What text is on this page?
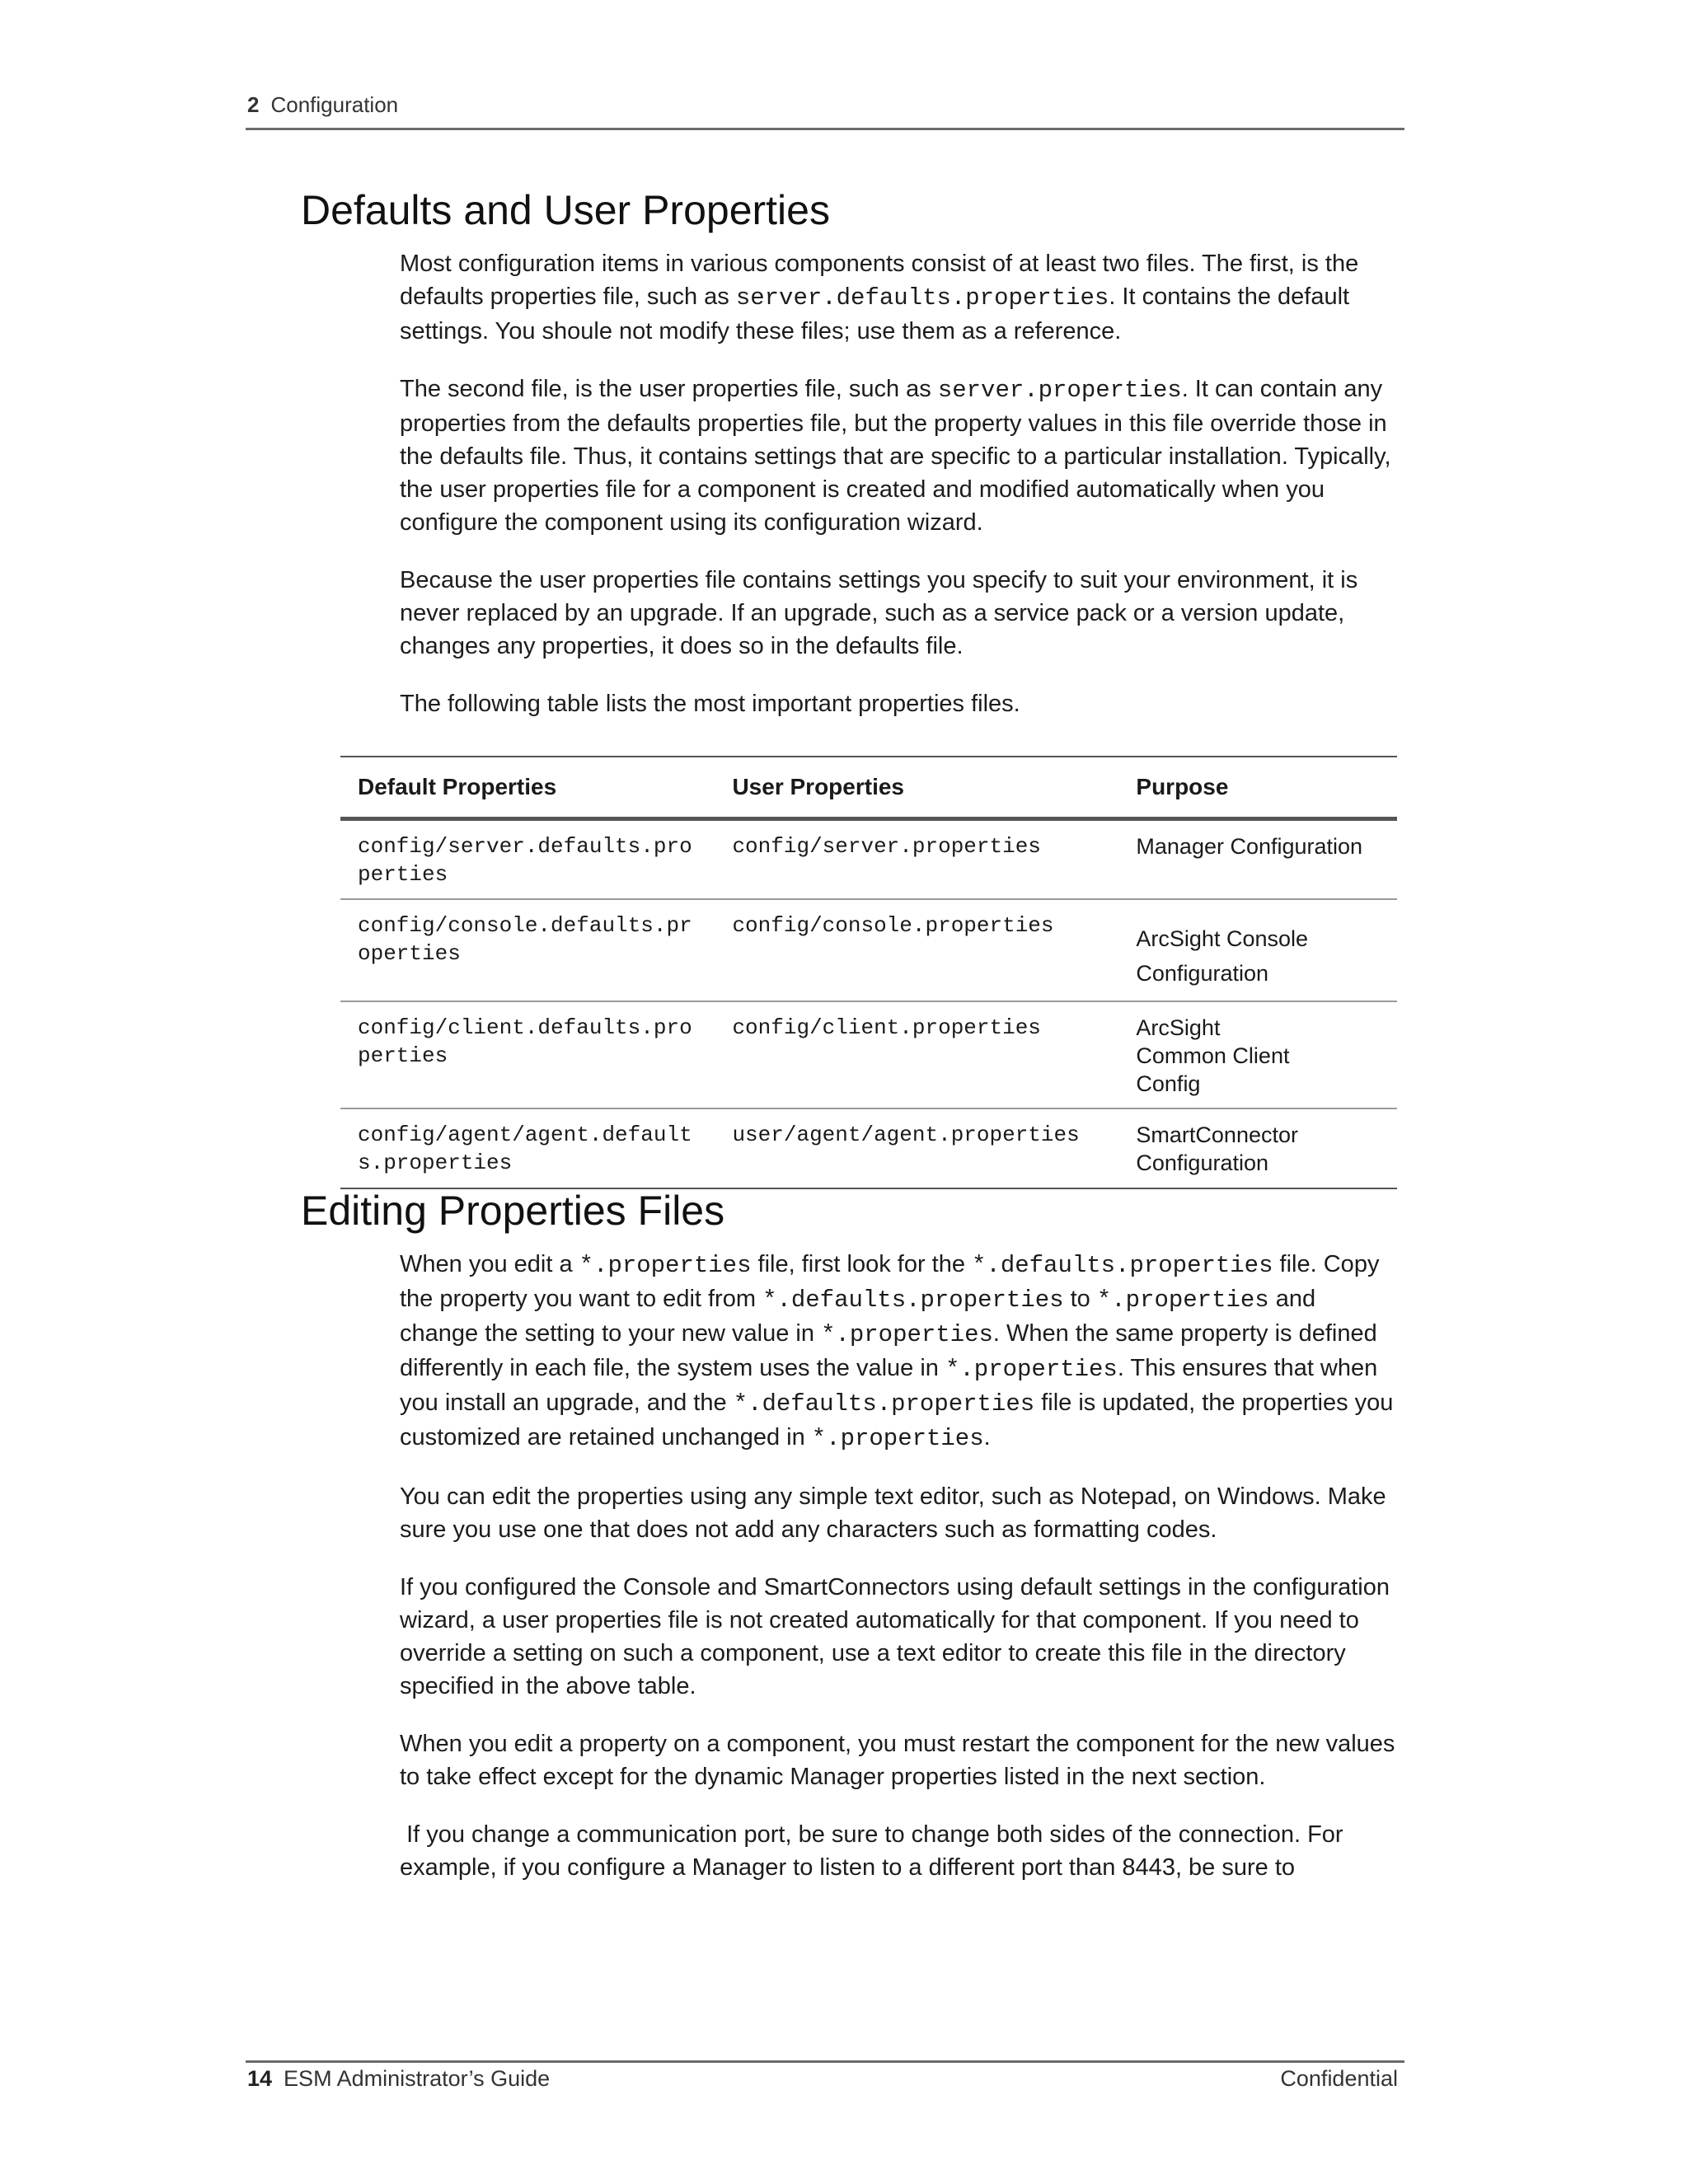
2 Configuration
Defaults and User Properties

Most configuration items in various components consist of at least two files. The first, is the defaults properties file, such as server.defaults.properties. It contains the default settings. You shoule not modify these files; use them as a reference.

The second file, is the user properties file, such as server.properties. It can contain any properties from the defaults properties file, but the property values in this file override those in the defaults file. Thus, it contains settings that are specific to a particular installation. Typically, the user properties file for a component is created and modified automatically when you configure the component using its configuration wizard.

Because the user properties file contains settings you specify to suit your environment, it is never replaced by an upgrade. If an upgrade, such as a service pack or a version update, changes any properties, it does so in the defaults file.

The following table lists the most important properties files.

Default Properties	User Properties	Purpose
config/server.defaults.properties	config/server.properties	Manager Configuration
config/console.defaults.properties	config/console.properties	ArcSight Console Configuration
config/client.defaults.properties	config/client.properties	ArcSight Common Client Config
config/agent/agent.defaults.properties	user/agent/agent.properties	SmartConnector Configuration
Editing Properties Files

When you edit a *.properties file, first look for the *.defaults.properties file. Copy the property you want to edit from *.defaults.properties to *.properties and change the setting to your new value in *.properties. When the same property is defined differently in each file, the system uses the value in *.properties. This ensures that when you install an upgrade, and the *.defaults.properties file is updated, the properties you customized are retained unchanged in *.properties.

You can edit the properties using any simple text editor, such as Notepad, on Windows. Make sure you use one that does not add any characters such as formatting codes.

If you configured the Console and SmartConnectors using default settings in the configuration wizard, a user properties file is not created automatically for that component. If you need to override a setting on such a component, use a text editor to create this file in the directory specified in the above table.

When you edit a property on a component, you must restart the component for the new values to take effect except for the dynamic Manager properties listed in the next section.

If you change a communication port, be sure to change both sides of the connection. For example, if you configure a Manager to listen to a different port than 8443, be sure to

14 ESM Administrator’s Guide	Confidential
